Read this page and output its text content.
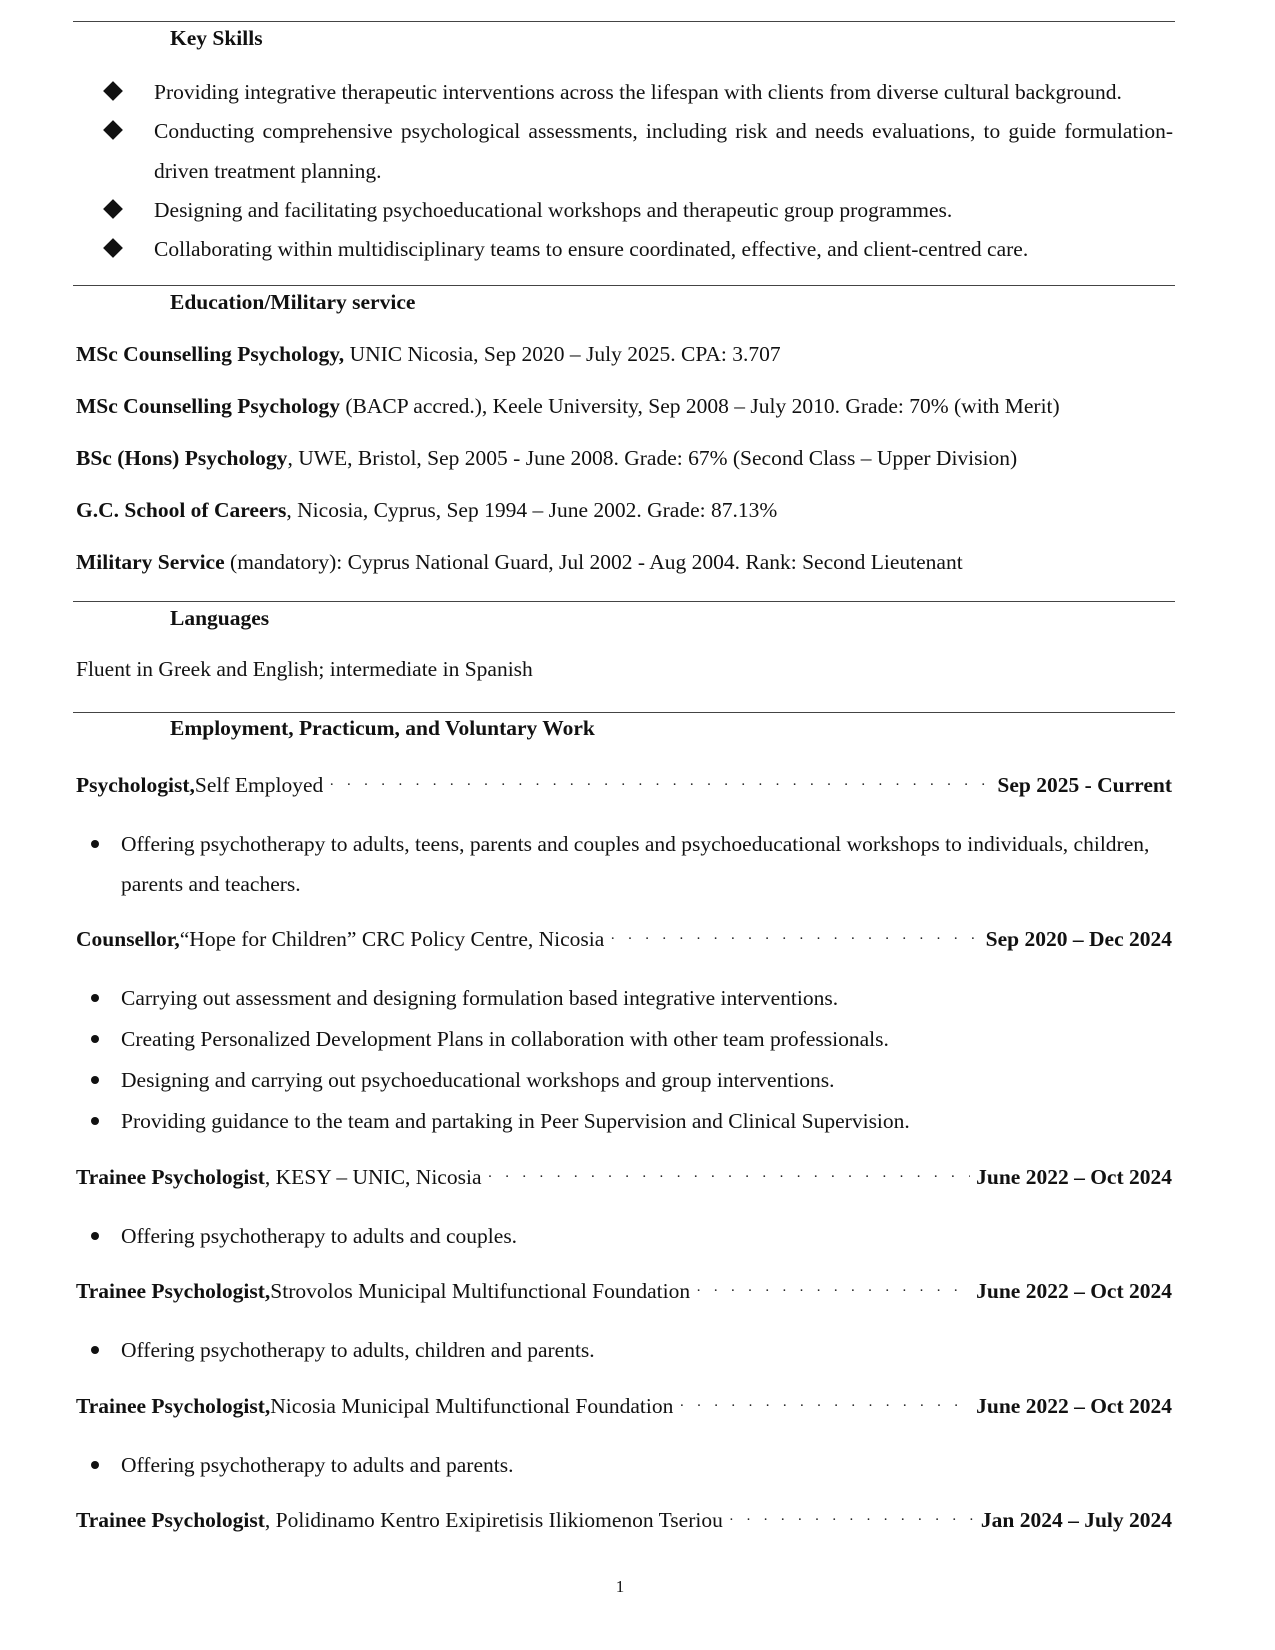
Key Skills
Providing integrative therapeutic interventions across the lifespan with clients from diverse cultural background.
Conducting comprehensive psychological assessments, including risk and needs evaluations, to guide formulation-driven treatment planning.
Designing and facilitating psychoeducational workshops and therapeutic group programmes.
Collaborating within multidisciplinary teams to ensure coordinated, effective, and client-centred care.
Education/Military service
MSc Counselling Psychology, UNIC Nicosia, Sep 2020 – July 2025. CPA: 3.707
MSc Counselling Psychology (BACP accred.), Keele University, Sep 2008 – July 2010. Grade: 70% (with Merit)
BSc (Hons) Psychology, UWE, Bristol, Sep 2005 - June 2008. Grade: 67% (Second Class – Upper Division)
G.C. School of Careers, Nicosia, Cyprus, Sep 1994 – June 2002. Grade: 87.13%
Military Service (mandatory): Cyprus National Guard, Jul 2002 - Aug 2004. Rank: Second Lieutenant
Languages
Fluent in Greek and English; intermediate in Spanish
Employment, Practicum, and Voluntary Work
Psychologist, Self Employed · · ·	Sep 2025 - Current
Offering psychotherapy to adults, teens, parents and couples and psychoeducational workshops to individuals, children, parents and teachers.
Counsellor, “Hope for Children” CRC Policy Centre, Nicosia · · ·	Sep 2020 – Dec 2024
Carrying out assessment and designing formulation based integrative interventions.
Creating Personalized Development Plans in collaboration with other team professionals.
Designing and carrying out psychoeducational workshops and group interventions.
Providing guidance to the team and partaking in Peer Supervision and Clinical Supervision.
Trainee Psychologist , KESY – UNIC, Nicosia · · ·	June 2022 – Oct 2024
Offering psychotherapy to adults and couples.
Trainee Psychologist, Strovolos Municipal Multifunctional Foundation · · ·	June 2022 – Oct 2024
Offering psychotherapy to adults, children and parents.
Trainee Psychologist, Nicosia Municipal Multifunctional Foundation · · ·	June 2022 – Oct 2024
Offering psychotherapy to adults and parents.
Trainee Psychologist , Polidinamo Kentro Exipiretisis Ilikiomenon Tseriou · · ·	Jan 2024 – July 2024
1
